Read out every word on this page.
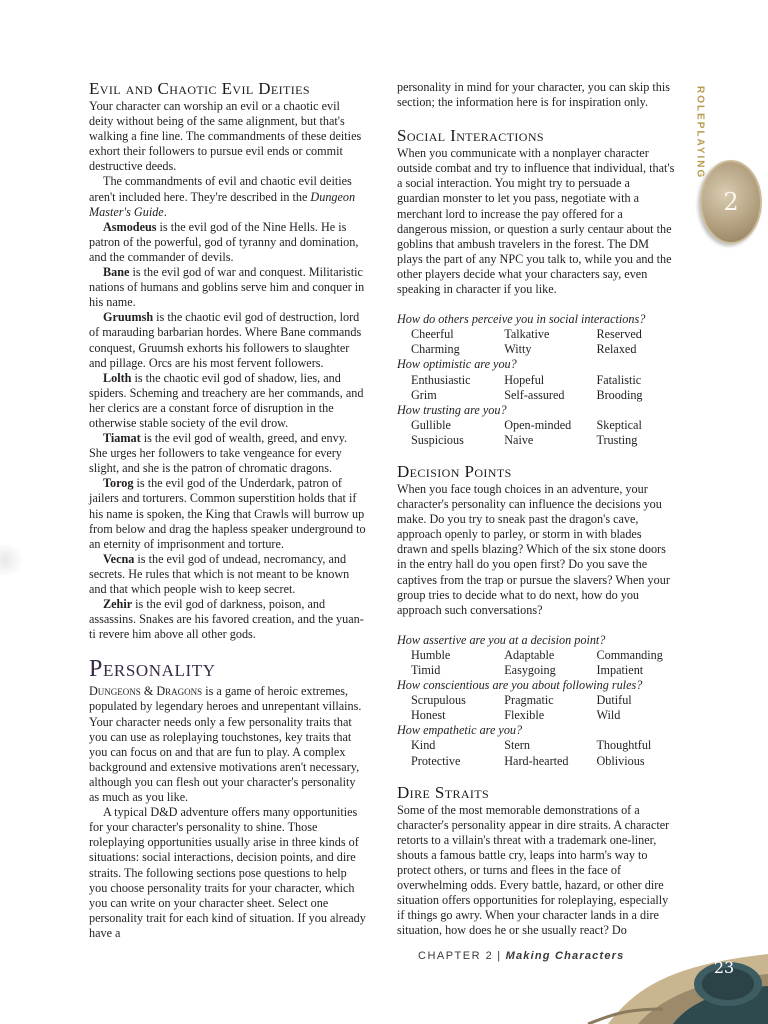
Evil and Chaotic Evil Deities

Your character can worship an evil or a chaotic evil deity without being of the same alignment, but that's walking a fine line. The commandments of these deities exhort their followers to pursue evil ends or commit destructive deeds.

The commandments of evil and chaotic evil deities aren't included here. They're described in the Dungeon Master's Guide.

Asmodeus is the evil god of the Nine Hells. He is patron of the powerful, god of tyranny and domination, and the commander of devils.

Bane is the evil god of war and conquest. Militaristic nations of humans and goblins serve him and conquer in his name.

Gruumsh is the chaotic evil god of destruction, lord of marauding barbarian hordes. Where Bane commands conquest, Gruumsh exhorts his followers to slaughter and pillage. Orcs are his most fervent followers.

Lolth is the chaotic evil god of shadow, lies, and spiders. Scheming and treachery are her commands, and her clerics are a constant force of disruption in the otherwise stable society of the evil drow.

Tiamat is the evil god of wealth, greed, and envy. She urges her followers to take vengeance for every slight, and she is the patron of chromatic dragons.

Torog is the evil god of the Underdark, patron of jailers and torturers. Common superstition holds that if his name is spoken, the King that Crawls will burrow up from below and drag the hapless speaker underground to an eternity of imprisonment and torture.

Vecna is the evil god of undead, necromancy, and secrets. He rules that which is not meant to be known and that which people wish to keep secret.

Zehir is the evil god of darkness, poison, and assassins. Snakes are his favored creation, and the yuan-ti revere him above all other gods.

Personality

Dungeons & Dragons is a game of heroic extremes, populated by legendary heroes and unrepentant villains. Your character needs only a few personality traits that you can use as roleplaying touchstones, key traits that you can focus on and that are fun to play. A complex background and extensive motivations aren't necessary, although you can flesh out your character's personality as much as you like.

A typical D&D adventure offers many opportunities for your character's personality to shine. Those roleplaying opportunities usually arise in three kinds of situations: social interactions, decision points, and dire straits. The following sections pose questions to help you choose personality traits for your character, which you can write on your character sheet. Select one personality trait for each kind of situation. If you already have a

personality in mind for your character, you can skip this section; the information here is for inspiration only.

Social Interactions

When you communicate with a nonplayer character outside combat and try to influence that individual, that's a social interaction. You might try to persuade a guardian monster to let you pass, negotiate with a merchant lord to increase the pay offered for a dangerous mission, or question a surly centaur about the goblins that ambush travelers in the forest. The DM plays the part of any NPC you talk to, while you and the other players decide what your characters say, even speaking in character if you like.

How do others perceive you in social interactions?
Cheerful	Talkative	Reserved
Charming	Witty	Relaxed
How optimistic are you?
Enthusiastic	Hopeful	Fatalistic
Grim	Self-assured	Brooding
How trusting are you?
Gullible	Open-minded	Skeptical
Suspicious	Naive	Trusting
Decision Points

When you face tough choices in an adventure, your character's personality can influence the decisions you make. Do you try to sneak past the dragon's cave, approach openly to parley, or storm in with blades drawn and spells blazing? Which of the six stone doors in the entry hall do you open first? Do you save the captives from the trap or pursue the slavers? When your group tries to decide what to do next, how do you approach such conversations?

How assertive are you at a decision point?
Humble	Adaptable	Commanding
Timid	Easygoing	Impatient
How conscientious are you about following rules?
Scrupulous	Pragmatic	Dutiful
Honest	Flexible	Wild
How empathetic are you?
Kind	Stern	Thoughtful
Protective	Hard-hearted	Oblivious
Dire Straits

Some of the most memorable demonstrations of a character's personality appear in dire straits. A character retorts to a villain's threat with a trademark one-liner, shouts a famous battle cry, leaps into harm's way to protect others, or turns and flees in the face of overwhelming odds. Every battle, hazard, or other dire situation offers opportunities for roleplaying, especially if things go awry. When your character lands in a dire situation, how does he or she usually react? Do

ROLEPLAYING
2
CHAPTER 2 | Making Characters
23
